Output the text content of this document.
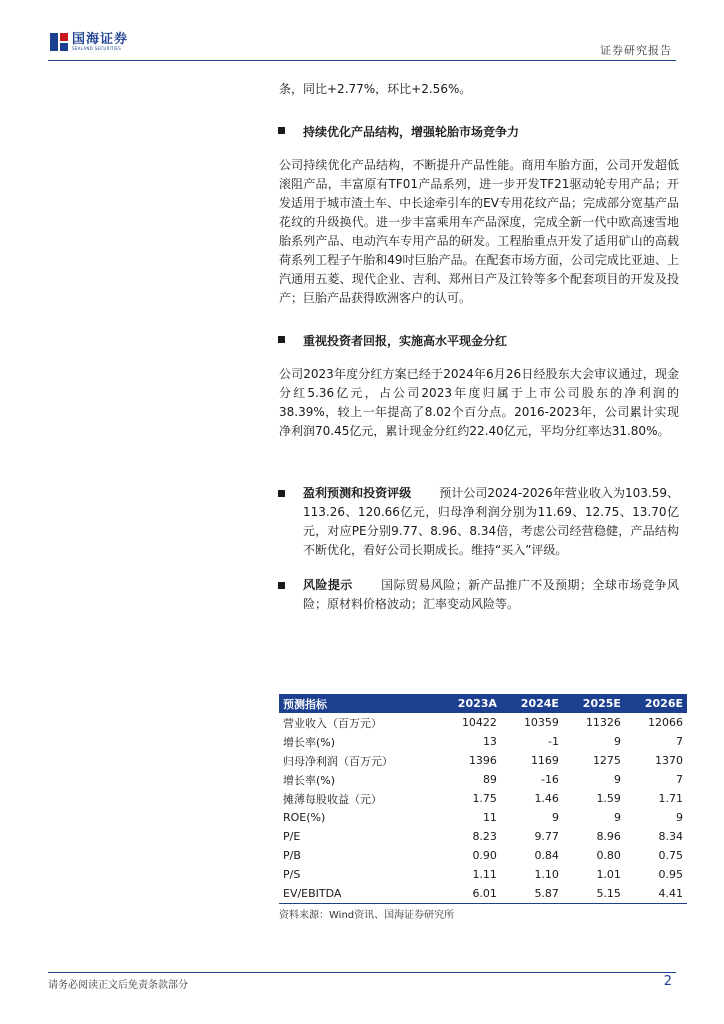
国海证券
SEALAND SECURITIES	证券研究报告
条，同比+2.77%，环比+2.56%。
持续优化产品结构，增强轮胎市场竞争力
公司持续优化产品结构，不断提升产品性能。商用车胎方面，公司开发超低滚阻产品，丰富原有TF01产品系列，进一步开发TF21驱动轮专用产品；开发适用于城市渣土车、中长途牵引车的EV专用花纹产品；完成部分宽基产品花纹的升级换代。进一步丰富乘用车产品深度，完成全新一代中欧高速雪地胎系列产品、电动汽车专用产品的研发。工程胎重点开发了适用矿山的高载荷系列工程子午胎和49吋巨胎产品。在配套市场方面，公司完成比亚迪、上汽通用五菱、现代企业、吉利、郑州日产及江铃等多个配套项目的开发及投产；巨胎产品获得欧洲客户的认可。
重视投资者回报，实施高水平现金分红
公司2023年度分红方案已经于2024年6月26日经股东大会审议通过，现金分红5.36亿元，占公司2023年度归属于上市公司股东的净利润的38.39%，较上一年提高了8.02个百分点。2016-2023年，公司累计实现净利润70.45亿元，累计现金分红约22.40亿元，平均分红率达31.80%。
盈利预测和投资评级 预计公司2024-2026年营业收入为103.59、113.26、120.66亿元，归母净利润分别为11.69、12.75、13.70亿元，对应PE分别9.77、8.96、8.34倍，考虑公司经营稳健，产品结构不断优化，看好公司长期成长。维持“买入”评级。
风险提示 国际贸易风险；新产品推广不及预期；全球市场竞争风险；原材料价格波动；汇率变动风险等。
预测指标	2023A	2024E	2025E	2026E
营业收入（百万元）	10422	10359	11326	12066
增长率(%)	13	-1	9	7
归母净利润（百万元）	1396	1169	1275	1370
增长率(%)	89	-16	9	7
摊薄每股收益（元）	1.75	1.46	1.59	1.71
ROE(%)	11	9	9	9
P/E	8.23	9.77	8.96	8.34
P/B	0.90	0.84	0.80	0.75
P/S	1.11	1.10	1.01	0.95
EV/EBITDA	6.01	5.87	5.15	4.41
资料来源：Wind资讯、国海证券研究所
请务必阅读正文后免责条款部分	2
